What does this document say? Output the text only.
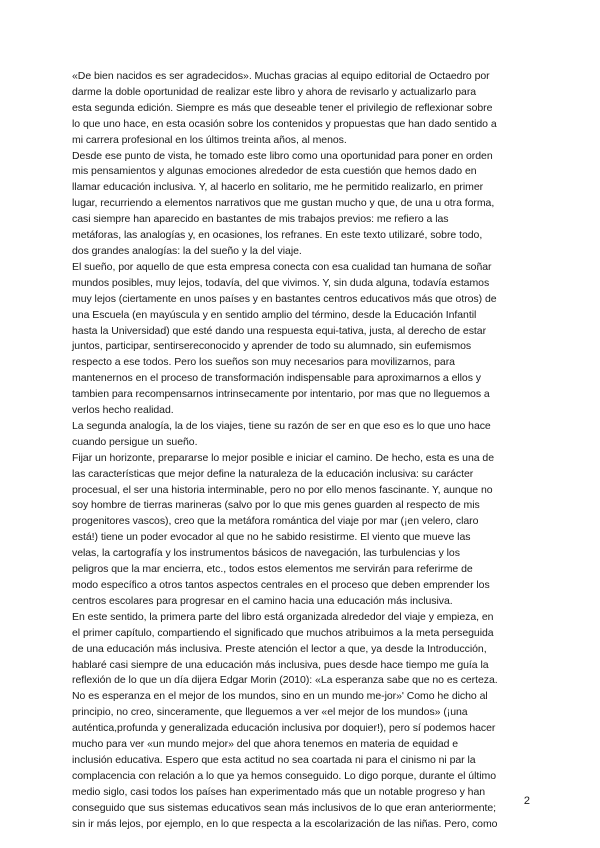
«De bien nacidos es ser agradecidos». Muchas gracias al equipo editorial de Octaedro por
darme la doble oportunidad de realizar este libro y ahora de revisarlo y actualizarlo para
esta segunda edición. Siempre es más que deseable tener el privilegio de reflexionar sobre
lo que uno hace, en esta ocasión sobre los contenidos y propuestas que han dado sentido a
mi carrera profesional en los últimos treinta años, al menos.
Desde ese punto de vista, he tomado este libro como una oportunidad para poner en orden
mis pensamientos y algunas emociones alrededor de esta cuestión que hemos dado en
llamar educación inclusiva. Y, al hacerlo en solitario, me he permitido realizarlo, en primer
lugar, recurriendo a elementos narrativos que me gustan mucho y que, de una u otra forma,
casi siempre han aparecido en bastantes de mis trabajos previos: me refiero a las
metáforas, las analogías y, en ocasiones, los refranes. En este texto utilizaré, sobre todo,
dos grandes analogías: la del sueño y la del viaje.
El sueño, por aquello de que esta empresa conecta con esa cualidad tan humana de soñar
mundos posibles, muy lejos, todavía, del que vivimos. Y, sin duda alguna, todavía estamos
muy lejos (ciertamente en unos países y en bastantes centros educativos más que otros) de
una Escuela (en mayúscula y en sentido amplio del término, desde la Educación Infantil
hasta la Universidad) que esté dando una respuesta equi-tativa, justa, al derecho de estar
juntos, participar, sentirsereconocido y aprender de todo su alumnado, sin eufemismos
respecto a ese todos. Pero los sueños son muy necesarios para movilizarnos, para
mantenernos en el proceso de transformación indispensable para aproximarnos a ellos y
tambien para recompensarnos intrinsecamente por intentario, por mas que no lleguemos a
verlos hecho realidad.
La segunda analogía, la de los viajes, tiene su razón de ser en que eso es lo que uno hace
cuando persigue un sueño.
Fijar un horizonte, prepararse lo mejor posible e iniciar el camino. De hecho, esta es una de
las características que mejor define la naturaleza de la educación inclusiva: su carácter
procesual, el ser una historia interminable, pero no por ello menos fascinante. Y, aunque no
soy hombre de tierras marineras (salvo por lo que mis genes guarden al respecto de mis
progenitores vascos), creo que la metáfora romántica del viaje por mar (¡en velero, claro
está!) tiene un poder evocador al que no he sabido resistirme. El viento que mueve las
velas, la cartografía y los instrumentos básicos de navegación, las turbulencias y los
peligros que la mar encierra, etc., todos estos elementos me servirán para referirme de
modo específico a otros tantos aspectos centrales en el proceso que deben emprender los
centros escolares para progresar en el camino hacia una educación más inclusiva.
En este sentido, la primera parte del libro está organizada alrededor del viaje y empieza, en
el primer capítulo, compartiendo el significado que muchos atribuimos a la meta perseguida
de una educación más inclusiva. Preste atención el lector a que, ya desde la Introducción,
hablaré casi siempre de una educación más inclusiva, pues desde hace tiempo me guía la
reflexión de lo que un día dijera Edgar Morin (2010): «La esperanza sabe que no es certeza.
No es esperanza en el mejor de los mundos, sino en un mundo me-jor»' Como he dicho al
principio, no creo, sinceramente, que lleguemos a ver «el mejor de los mundos» (¡una
auténtica,profunda y generalizada educación inclusiva por doquier!), pero sí podemos hacer
mucho para ver «un mundo mejor» del que ahora tenemos en materia de equidad e
inclusión educativa. Espero que esta actitud no sea coartada ni para el cinismo ni par la
complacencia con relación a lo que ya hemos conseguido. Lo digo porque, durante el último
medio siglo, casi todos los países han experimentado más que un notable progreso y han
conseguido que sus sistemas educativos sean más inclusivos de lo que eran anteriormente;
sin ir más lejos, por ejemplo, en lo que respecta a la escolarización de las niñas. Pero, como
2
